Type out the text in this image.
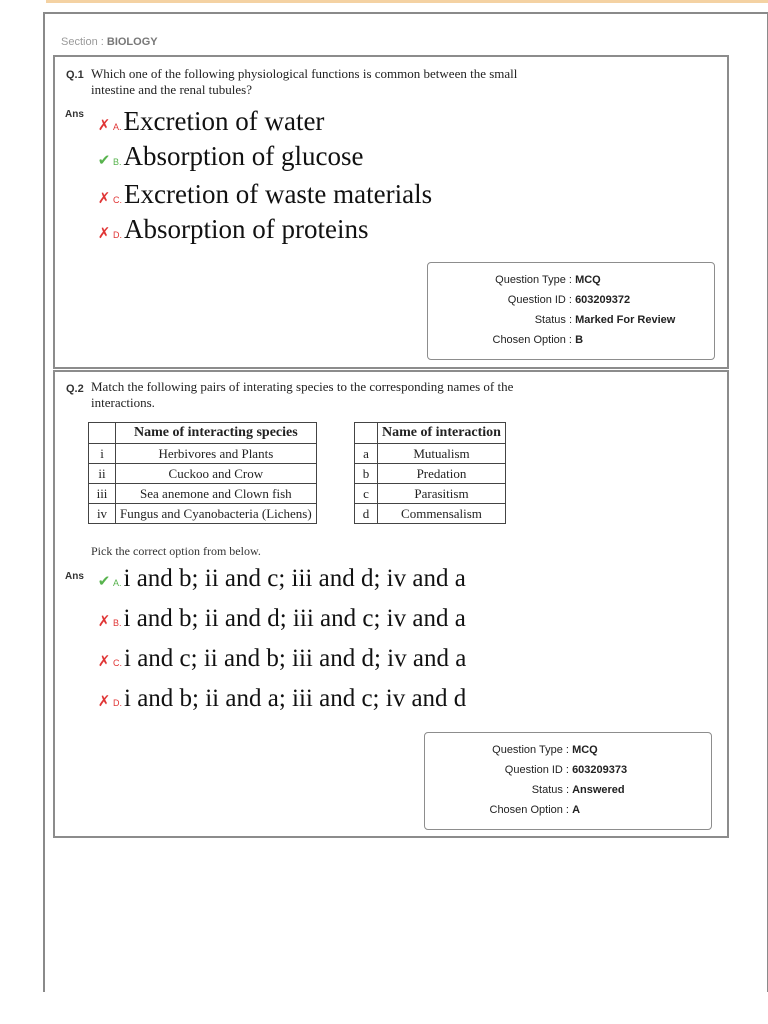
Section : BIOLOGY
Q.1 Which one of the following physiological functions is common between the small intestine and the renal tubules?
Ans
✗ A. Excretion of water
✔ B. Absorption of glucose
✗ C. Excretion of waste materials
✗ D. Absorption of proteins
Question Type : MCQ
Question ID : 603209372
Status : Marked For Review
Chosen Option : B
Q.2 Match the following pairs of interating species to the corresponding names of the interactions.
	Name of interacting species
i	Herbivores and Plants
ii	Cuckoo and Crow
iii	Sea anemone and Clown fish
iv	Fungus and Cyanobacteria (Lichens)
	Name of interaction
a	Mutualism
b	Predation
c	Parasitism
d	Commensalism
Pick the correct option from below.
Ans ✔ A. i and b; ii and c; iii and d; iv and a
✗ B. i and b; ii and d; iii and c; iv and a
✗ C. i and c; ii and b; iii and d; iv and a
✗ D. i and b; ii and a; iii and c; iv and d
Question Type : MCQ
Question ID : 603209373
Status : Answered
Chosen Option : A
